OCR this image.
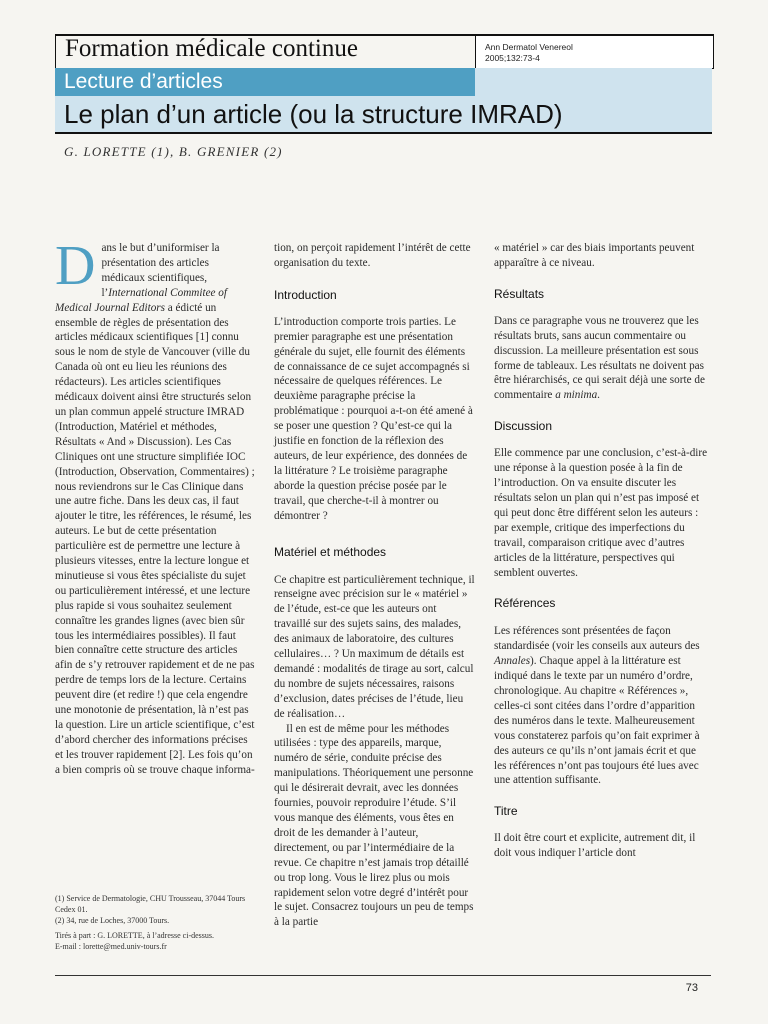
Formation médicale continue	Ann Dermatol Venereol
2005;132:73-4
Lecture d’articles
Le plan d’un article (ou la structure IMRAD)
G. LORETTE (1), B. GRENIER (2)
D ans le but d’uniformiser la présentation des articles médicaux scientifiques, l’International Commitee of Medical Journal Editors a édicté un ensemble de règles de présentation des articles médicaux scientifiques [1] connu sous le nom de style de Vancouver (ville du Canada où ont eu lieu les réunions des rédacteurs). Les articles scientifiques médicaux doivent ainsi être structurés selon un plan commun appelé structure IMRAD (Introduction, Matériel et méthodes, Résultats « And » Discussion). Les Cas Cliniques ont une structure simplifiée IOC (Introduction, Observation, Commentaires) ; nous reviendrons sur le Cas Clinique dans une autre fiche. Dans les deux cas, il faut ajouter le titre, les références, le résumé, les auteurs. Le but de cette présentation particulière est de permettre une lecture à plusieurs vitesses, entre la lecture longue et minutieuse si vous êtes spécialiste du sujet ou particulièrement intéressé, et une lecture plus rapide si vous souhaitez seulement connaître les grandes lignes (avec bien sûr tous les intermédiaires possibles). Il faut bien connaître cette structure des articles afin de s’y retrouver rapidement et de ne pas perdre de temps lors de la lecture. Certains peuvent dire (et redire !) que cela engendre une monotonie de présentation, là n’est pas la question. Lire un article scientifique, c’est d’abord chercher des informations précises et les trouver rapidement [2]. Les fois qu’on a bien compris où se trouve chaque informa-

tion, on perçoit rapidement l’intérêt de cette organisation du texte.

Introduction

L’introduction comporte trois parties. Le premier paragraphe est une présentation générale du sujet, elle fournit des éléments de connaissance de ce sujet accompagnés si nécessaire de quelques références. Le deuxième paragraphe précise la problématique : pourquoi a-t-on été amené à se poser une question ? Qu’est-ce qui la justifie en fonction de la réflexion des auteurs, de leur expérience, des données de la littérature ? Le troisième paragraphe aborde la question précise posée par le travail, que cherche-t-il à montrer ou démontrer ?

Matériel et méthodes

Ce chapitre est particulièrement technique, il renseigne avec précision sur le « matériel » de l’étude, est-ce que les auteurs ont travaillé sur des sujets sains, des malades, des animaux de laboratoire, des cultures cellulaires… ? Un maximum de détails est demandé : modalités de tirage au sort, calcul du nombre de sujets nécessaires, raisons d’exclusion, dates précises de l’étude, lieu de réalisation…

Il en est de même pour les méthodes utilisées : type des appareils, marque, numéro de série, conduite précise des manipulations. Théoriquement une personne qui le désirerait devrait, avec les données fournies, pouvoir reproduire l’étude. S’il vous manque des éléments, vous êtes en droit de les demander à l’auteur, directement, ou par l’intermédiaire de la revue. Ce chapitre n’est jamais trop détaillé ou trop long. Vous le lirez plus ou mois rapidement selon votre degré d’intérêt pour le sujet. Consacrez toujours un peu de temps à la partie

« matériel » car des biais importants peuvent apparaître à ce niveau.

Résultats

Dans ce paragraphe vous ne trouverez que les résultats bruts, sans aucun commentaire ou discussion. La meilleure présentation est sous forme de tableaux. Les résultats ne doivent pas être hiérarchisés, ce qui serait déjà une sorte de commentaire a minima.

Discussion

Elle commence par une conclusion, c’est-à-dire une réponse à la question posée à la fin de l’introduction. On va ensuite discuter les résultats selon un plan qui n’est pas imposé et qui peut donc être différent selon les auteurs : par exemple, critique des imperfections du travail, comparaison critique avec d’autres articles de la littérature, perspectives qui semblent ouvertes.

Références

Les références sont présentées de façon standardisée (voir les conseils aux auteurs des Annales). Chaque appel à la littérature est indiqué dans le texte par un numéro d’ordre, chronologique. Au chapitre « Références », celles-ci sont citées dans l’ordre d’apparition des numéros dans le texte. Malheureusement vous constaterez parfois qu’on fait exprimer à des auteurs ce qu’ils n’ont jamais écrit et que les références n’ont pas toujours été lues avec une attention suffisante.

Titre

Il doit être court et explicite, autrement dit, il doit vous indiquer l’article dont

(1) Service de Dermatologie, CHU Trousseau, 37044 Tours Cedex 01.

(2) 34, rue de Loches, 37000 Tours.

Tirés à part : G. LORETTE, à l’adresse ci-dessus.

E-mail : lorette@med.univ-tours.fr

73
